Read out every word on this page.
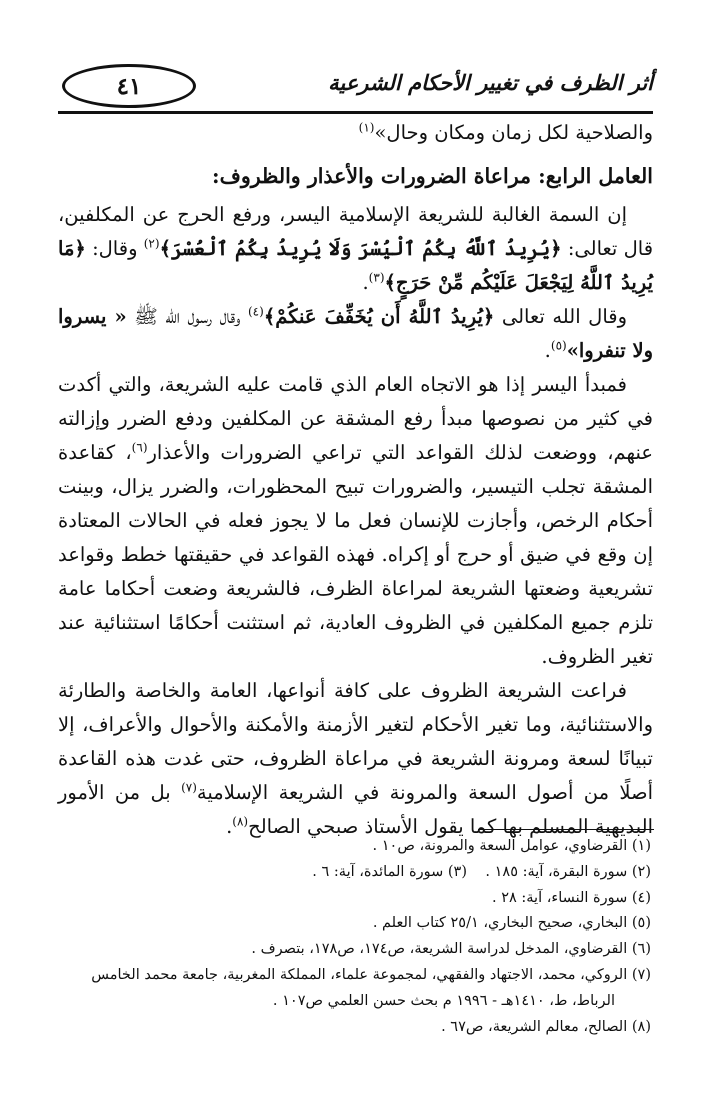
٤١	أثر الظرف في تغيير الأحكام الشرعية

والصلاحية لكل زمان ومكان وحال»$^{(١)}$

العامل الرابع: مراعاة الضرورات والأعذار والظروف:

إن السمة الغالبة للشريعة الإسلامية اليسر، ورفع الحرج عن المكلفين، قال تعالى: ﴿يُرِيدُ ٱللَّهُ بِكُمُ ٱلْيُسْرَ وَلَا يُرِيدُ بِكُمُ ٱلْعُسْرَ﴾$^{(٢)}$ وقال: ﴿مَا يُرِيدُ ٱللَّهُ لِيَجْعَلَ عَلَيْكُم مِّنْ حَرَجٍ﴾$^{(٣)}$.

وقال الله تعالى ﴿يُرِيدُ ٱللَّهُ أَن يُخَفِّفَ عَنكُمْ﴾$^{(٤)}$ وقال رسول الله ﷺ « يسروا ولا تنفروا»$^{(٥)}$.

فمبدأ اليسر إذا هو الاتجاه العام الذي قامت عليه الشريعة، والتي أكدت في كثير من نصوصها مبدأ رفع المشقة عن المكلفين ودفع الضرر وإزالته عنهم، ووضعت لذلك القواعد التي تراعي الضرورات والأعذار$^{(٦)}$، كقاعدة المشقة تجلب التيسير، والضرورات تبيح المحظورات، والضرر يزال، وبينت أحكام الرخص، وأجازت للإنسان فعل ما لا يجوز فعله في الحالات المعتادة إن وقع في ضيق أو حرج أو إكراه. فهذه القواعد في حقيقتها خطط وقواعد تشريعية وضعتها الشريعة لمراعاة الظرف، فالشريعة وضعت أحكاما عامة تلزم جميع المكلفين في الظروف العادية، ثم استثنت أحكامًا استثنائية عند تغير الظروف.

فراعت الشريعة الظروف على كافة أنواعها، العامة والخاصة والطارئة والاستثنائية، وما تغير الأحكام لتغير الأزمنة والأمكنة والأحوال والأعراف، إلا تبيانًا لسعة ومرونة الشريعة في مراعاة الظروف، حتى غدت هذه القاعدة أصلًا من أصول السعة والمرونة في الشريعة الإسلامية$^{(٧)}$ بل من الأمور البديهية المسلم بها كما يقول الأستاذ صبحي الصالح$^{(٨)}$.

(١) القرضاوي، عوامل السعة والمرونة، ص١٠ .

(٢) سورة البقرة، آية: ١٨٥ .    (٣) سورة المائدة، آية: ٦ .

(٤) سورة النساء، آية: ٢٨ .

(٥) البخاري، صحيح البخاري، ٢٥/١ كتاب العلم .

(٦) القرضاوي، المدخل لدراسة الشريعة، ص١٧٤، ص١٧٨، بتصرف .

(٧) الروكي، محمد، الاجتهاد والفقهي، لمجموعة علماء، المملكة المغربية، جامعة محمد الخامس

الرباط، ط، ١٤١٠هـ - ١٩٩٦ م بحث حسن العلمي ص١٠٧ .

(٨) الصالح، معالم الشريعة، ص٦٧ .
